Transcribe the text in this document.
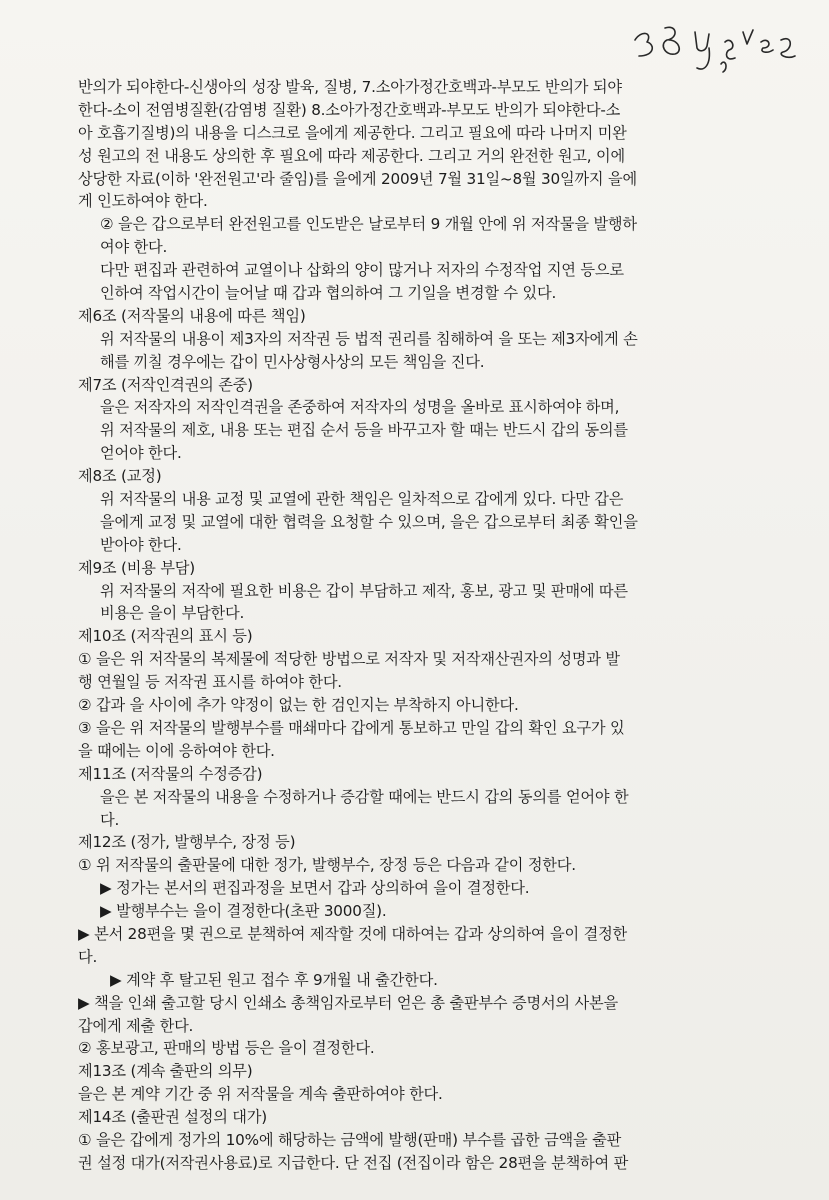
반의가 되야한다-신생아의 성장 발육, 질병, 7.소아가정간호백과-부모도 반의가 되야
한다-소이 전염병질환(감염병 질환) 8.소아가정간호백과-부모도 반의가 되야한다-소
아 호흡기질병)의 내용을 디스크로 을에게 제공한다. 그리고 필요에 따라 나머지 미완
성 원고의 전 내용도 상의한 후 필요에 따라 제공한다. 그리고 거의 완전한 원고, 이에
상당한 자료(이하 '완전원고'라 줄임)를 을에게 2009년 7월 31일~8월 30일까지 을에
게 인도하여야 한다.
② 을은 갑으로부터 완전원고를 인도받은 날로부터 9 개월 안에 위 저작물을 발행하
여야 한다.
다만 편집과 관련하여 교열이나 삽화의 양이 많거나 저자의 수정작업 지연 등으로
인하여 작업시간이 늘어날 때 갑과 협의하여 그 기일을 변경할 수 있다.
제6조 (저작물의 내용에 따른 책임)
위 저작물의 내용이 제3자의 저작권 등 법적 권리를 침해하여 을 또는 제3자에게 손
해를 끼칠 경우에는 갑이 민사상형사상의 모든 책임을 진다.
제7조 (저작인격권의 존중)
을은 저작자의 저작인격권을 존중하여 저작자의 성명을 올바로 표시하여야 하며,
위 저작물의 제호, 내용 또는 편집 순서 등을 바꾸고자 할 때는 반드시 갑의 동의를
얻어야 한다.
제8조 (교정)
위 저작물의 내용 교정 및 교열에 관한 책임은 일차적으로 갑에게 있다. 다만 갑은
을에게 교정 및 교열에 대한 협력을 요청할 수 있으며, 을은 갑으로부터 최종 확인을
받아야 한다.
제9조 (비용 부담)
위 저작물의 저작에 필요한 비용은 갑이 부담하고 제작, 홍보, 광고 및 판매에 따른
비용은 을이 부담한다.
제10조 (저작권의 표시 등)
① 을은 위 저작물의 복제물에 적당한 방법으로 저작자 및 저작재산권자의 성명과 발
행 연월일 등 저작권 표시를 하여야 한다.
② 갑과 을 사이에 추가 약정이 없는 한 검인지는 부착하지 아니한다.
③ 을은 위 저작물의 발행부수를 매쇄마다 갑에게 통보하고 만일 갑의 확인 요구가 있
을 때에는 이에 응하여야 한다.
제11조 (저작물의 수정증감)
을은 본 저작물의 내용을 수정하거나 증감할 때에는 반드시 갑의 동의를 얻어야 한
다.
제12조 (정가, 발행부수, 장정 등)
① 위 저작물의 출판물에 대한 정가, 발행부수, 장정 등은 다음과 같이 정한다.
▶ 정가는 본서의 편집과정을 보면서 갑과 상의하여 을이 결정한다.
▶ 발행부수는 을이 결정한다(초판 3000질).
▶ 본서 28편을 몇 권으로 분책하여 제작할 것에 대하여는 갑과 상의하여 을이 결정한
다.
▶ 계약 후 탈고된 원고 접수 후 9개월 내 출간한다.
▶ 책을 인쇄 출고할 당시 인쇄소 총책임자로부터 얻은 총 출판부수 증명서의 사본을
갑에게 제출 한다.
② 홍보광고, 판매의 방법 등은 을이 결정한다.
제13조 (계속 출판의 의무)
을은 본 계약 기간 중 위 저작물을 계속 출판하여야 한다.
제14조 (출판권 설정의 대가)
① 을은 갑에게 정가의 10%에 해당하는 금액에 발행(판매) 부수를 곱한 금액을 출판
권 설정 대가(저작권사용료)로 지급한다. 단 전집 (전집이라 함은 28편을 분책하여 판
